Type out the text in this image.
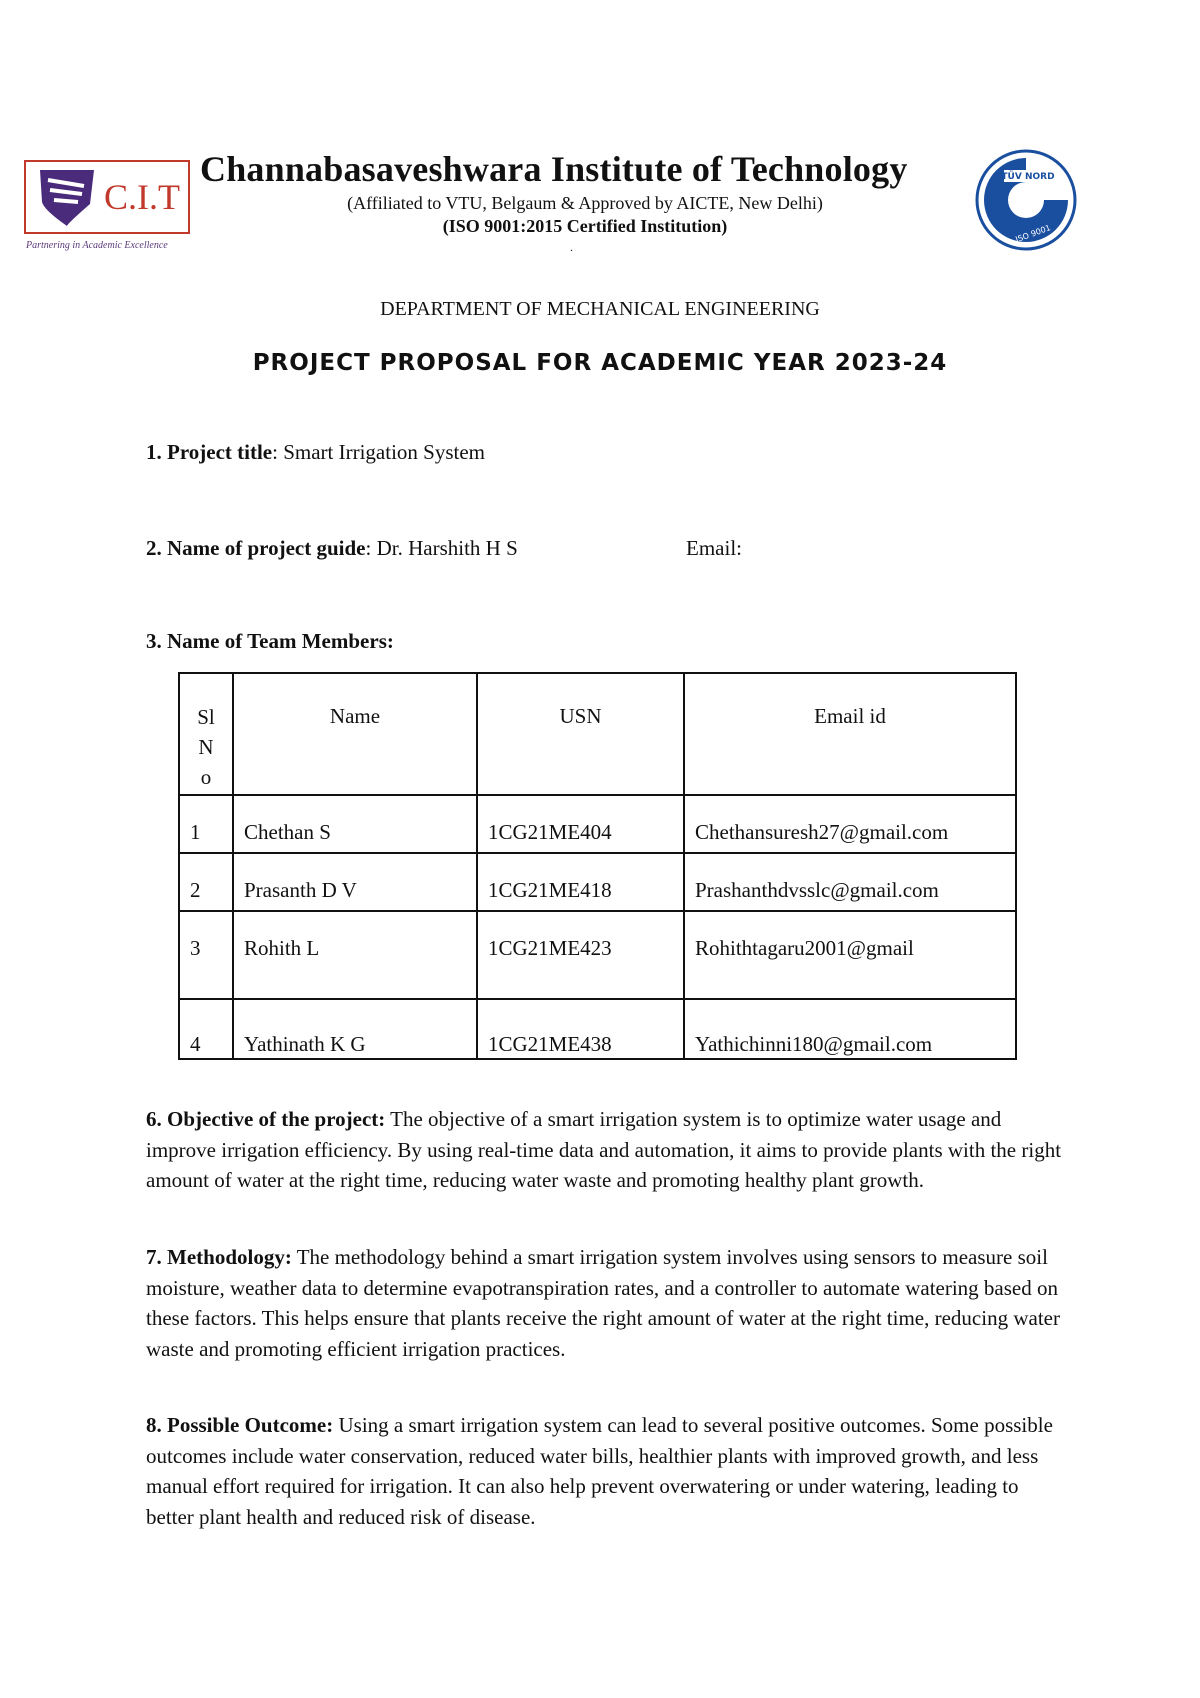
C.I.T
Partnering in Academic Excellence
Channabasaveshwara Institute of Technology
(Affiliated to VTU, Belgaum & Approved by AICTE, New Delhi)
(ISO 9001:2015 Certified Institution)
.
TÜV NORD
ISO 9001
DEPARTMENT OF MECHANICAL ENGINEERING
PROJECT PROPOSAL FOR ACADEMIC YEAR 2023-24
1. Project title: Smart Irrigation System
2. Name of project guide: Dr. Harshith H S	Email:
3. Name of Team Members:
Sl
N
o	Name	USN	Email id
1	Chethan S	1CG21ME404	Chethansuresh27@gmail.com
2	Prasanth D V	1CG21ME418	Prashanthdvsslc@gmail.com
3	Rohith L	1CG21ME423	Rohithtagaru2001@gmail
4	Yathinath K G	1CG21ME438	Yathichinni180@gmail.com
6. Objective of the project: The objective of a smart irrigation system is to optimize water usage and improve irrigation efficiency. By using real-time data and automation, it aims to provide plants with the right amount of water at the right time, reducing water waste and promoting healthy plant growth.
7. Methodology: The methodology behind a smart irrigation system involves using sensors to measure soil moisture, weather data to determine evapotranspiration rates, and a controller to automate watering based on these factors. This helps ensure that plants receive the right amount of water at the right time, reducing water waste and promoting efficient irrigation practices.
8. Possible Outcome: Using a smart irrigation system can lead to several positive outcomes. Some possible outcomes include water conservation, reduced water bills, healthier plants with improved growth, and less manual effort required for irrigation. It can also help prevent overwatering or under watering, leading to better plant health and reduced risk of disease.
